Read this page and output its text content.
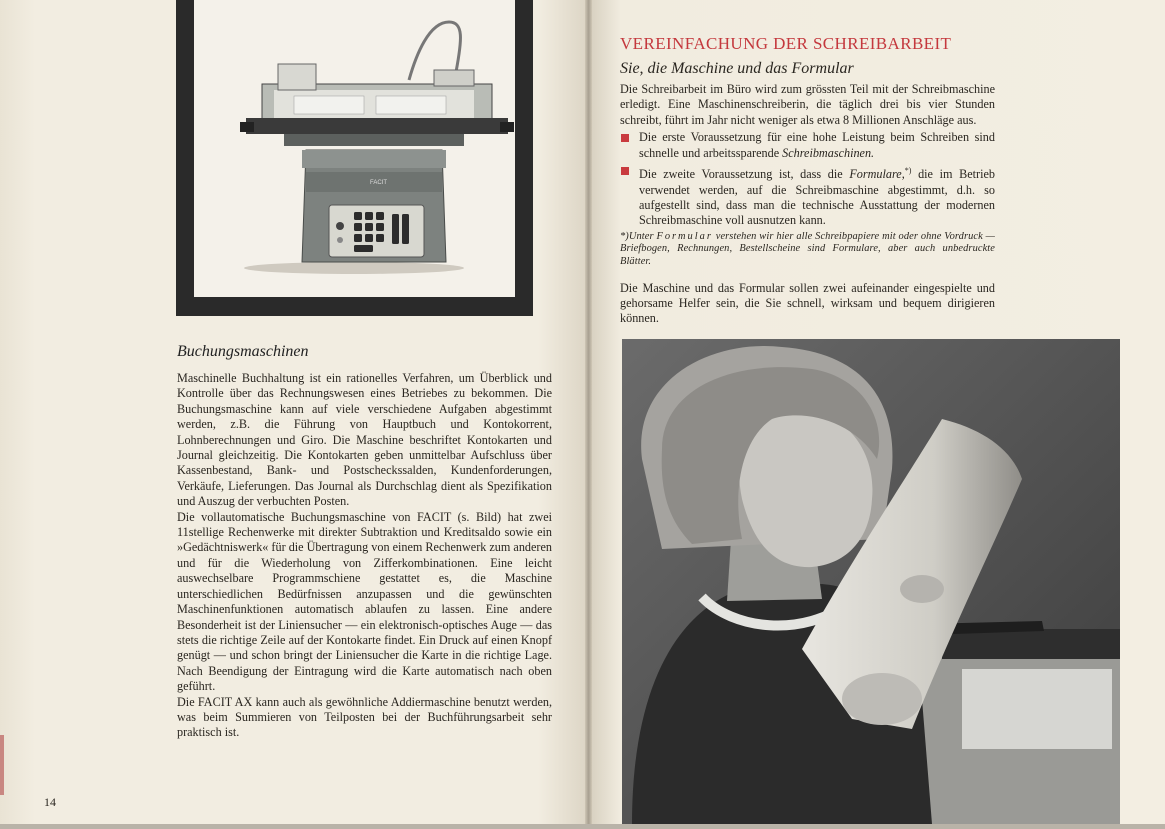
FACIT
Buchungsmaschinen

Maschinelle Buchhaltung ist ein rationelles Verfahren, um Überblick und Kontrolle über das Rechnungswesen eines Betriebes zu bekommen. Die Buchungsmaschine kann auf viele verschiedene Aufgaben abgestimmt werden, z.B. die Führung von Hauptbuch und Kontokorrent, Lohnberechnungen und Giro. Die Maschine beschriftet Kontokarten und Journal gleichzeitig. Die Kontokarten geben unmittelbar Aufschluss über Kassenbestand, Bank- und Postscheckssalden, Kundenforderungen, Verkäufe, Lieferungen. Das Journal als Durchschlag dient als Spezifikation und Auszug der verbuchten Posten.

Die vollautomatische Buchungsmaschine von FACIT (s. Bild) hat zwei 11stellige Rechenwerke mit direkter Subtraktion und Kreditsaldo sowie ein »Gedächtniswerk« für die Übertragung von einem Rechenwerk zum anderen und für die Wiederholung von Zifferkombinationen. Eine leicht auswechselbare Programmschiene gestattet es, die Maschine unterschiedlichen Bedürfnissen anzupassen und die gewünschten Maschinenfunktionen automatisch ablaufen zu lassen. Eine andere Besonderheit ist der Liniensucher — ein elektronisch-optisches Auge — das stets die richtige Zeile auf der Kontokarte findet. Ein Druck auf einen Knopf genügt — und schon bringt der Liniensucher die Karte in die richtige Lage. Nach Beendigung der Eintragung wird die Karte automatisch nach oben geführt.

Die FACIT AX kann auch als gewöhnliche Addiermaschine benutzt werden, was beim Summieren von Teilposten bei der Buchführungsarbeit sehr praktisch ist.

14
VEREINFACHUNG DER SCHREIBARBEIT
Sie, die Maschine und das Formular

Die Schreibarbeit im Büro wird zum grössten Teil mit der Schreibmaschine erledigt. Eine Maschinenschreiberin, die täglich drei bis vier Stunden schreibt, führt im Jahr nicht weniger als etwa 8 Millionen Anschläge aus.

Die erste Voraussetzung für eine hohe Leistung beim Schreiben sind schnelle und arbeitssparende Schreibmaschinen.
Die zweite Voraussetzung ist, dass die Formulare,*) die im Betrieb verwendet werden, auf die Schreibmaschine abgestimmt, d.h. so aufgestellt sind, dass man die technische Ausstattung der modernen Schreibmaschine voll ausnutzen kann.

*)Unter Formular verstehen wir hier alle Schreibpapiere mit oder ohne Vordruck — Briefbogen, Rechnungen, Bestellscheine sind Formulare, aber auch unbedruckte Blätter.

Die Maschine und das Formular sollen zwei aufeinander eingespielte und gehorsame Helfer sein, die Sie schnell, wirksam und bequem dirigieren können.
